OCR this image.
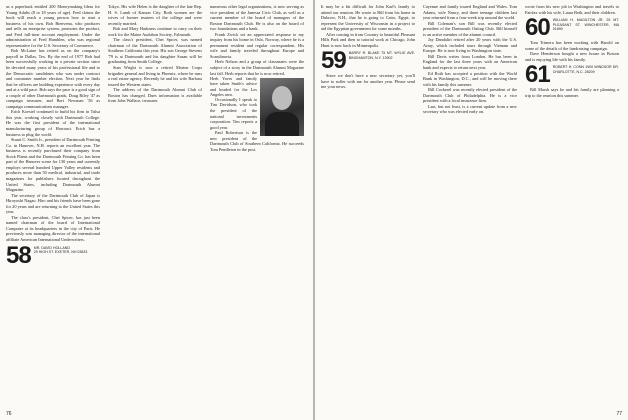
as a paperback entitled 200 Moneymaking Ideas for Young Adults (8 to 18 years of age). Fred claims the book will reach a young person how to start a business of his own. Bob Bienvenu, who produces and sells an enterprise system, promotes the product, and Fred full-time account employment. Under the administration of Fred Hamblen, who was regional representative for the U.S. Secretary of Commerce.

Bob McLaine has retired as on the company's payroll in Dallas, Tex. By the end of 1977 Bob had been successfully working in a private section since he devoted many years of his professional life and to the Democratic candidates who was under contract and commuter number election. Next year he finds that he officers are building experience with every day and at a wild pace. Bob says the pace is a good sign of a couple of other Dartmouth grads, Doug Riley '47 as campaign treasurer, and Bert Newman '56 as campaign communications manager.

Erich Koestel continued to build his firm in Tulsa this year, working closely with Dartmouth College. He was the first president of the international manufacturing group of Harcourt. Erich has a business to plug the world.

Stuart C. Smith Jr., president of Dartmouth Printing Co. in Hanover, N.H. reports an excellent year. The business is recently purchased their company from Stock Plants and the Dartmouth Printing Co. has been part of the Hanover scene for 130 years and currently employs several hundred Upper Valley residents and produces more than 50 medical, industrial, and trade magazines for publishers located throughout the United States, including Dartmouth Alumni Magazine.

The secretary of the Dartmouth Club of Japan is Hiroyoshi Nagao. Hiro and his friends have been gone for 20 years and are returning to the United States this year.

The class's president, Chet Spicer, has just been named chairman of the board of International Computer at its headquarters in the city of Paris. He previously was managing director of the international affiliate American International Underwriters.

58 MR. DAVID HOLLAND
29 HIGH ST. EXETER, NH 03833

Tokyo. His wife Helen is the daughter of the late Rep. H. S. Lamb of Kansas City. Both women are the wives of former trustees of the college and were recently married.

Bob and Mary Harkness continue to carry on their work for the Maine Audubon Society, Falmouth.

The class's president, Chet Spicer, was named chairman of the Dartmouth Alumni Association of Southern California this year. His son George Stevens '79 is at Dartmouth and his daughter Susan will be graduating from Smith College.

Stan Wright is now a retired Marine Corps brigadier general and living in Phoenix, where he runs a real estate agency. Recently he and his wife Barbara toured the Western states.

The address of the Dartmouth Alumni Club of Boston has changed. Dues information is available from John Wallace, treasurer.

numerous other legal organizations, is now serving as vice president of the Janessa Civic Club, as well as a current member of the board of managers of the Boston Dartmouth Club. He is also on the board of two foundations and a bank.

Frank Zwick set an appreciated response to my inquiry from his home in Oslo, Norway, where he is a permanent resident and regular correspondent. His wife and family traveled throughout Europe and Scandinavia.

Herb Nelson and a group of classmates were the subject of a story in the Dartmouth Alumni Magazine last fall. Herb reports that he is now retired.

Herb Yaves and family have taken Smith's advice and headed for the Los Angeles area.

Occasionally I speak to Tim Davidson, who took the president of the national investments corporation. Tim reports a good year.

Paul Robertson is the new president of the Dartmouth Club of Southern California. He succeeds Tom Pendleton in the post.

76

It may be a bit difficult for John Karl's family to attend our reunion. He wrote to Bill from his home in Dubrow, N.H., that he is going to Cairo, Egypt, to represent the University of Wisconsin in a project to aid the Egyptian government for some months.

After coming in from Country to beautiful Pleasant Hills Park and then to tutorial work at Chicago, John Hunt is now back in Minneapolis.

59 BARRY R. BLAKE 75 MT. WYLIE AVE. BINGHAMTON, N.Y. 13902

Since we don't have a new secretary yet, you'll have to suffer with me for another year. Please send me your news.

Cayenne and family toured England and Wales. Tom Adams, wife Nancy, and three teenage children last year returned from a four-week trip around the world.

Bill Coleman's son Bill was recently elected president of the Dartmouth Outing Club. Bill himself is an active member of the alumni council.

Jay Dandaliri retired after 20 years with the U.S. Army, which included tours through Vietnam and Europe. He is now living in Washington state.

Bill Davis writes from London. He has been in England for the last three years with an American bank and expects to return next year.

Ed Roth has accepted a position with the World Bank in Washington, D.C., and will be moving there with his family this summer.

Bill Cockerel was recently elected president of the Dartmouth Club of Philadelphia. He is a vice president with a local insurance firm.

Last, but not least, is a current update from a new secretary who was elected early on.

wrote from his new job in Washington and travels to Fairfax with his wife, Laura Beth, and their children.

60 WILLIAM H. MAGILTON JR. 25 MT. PLEASANT ST. WINCHESTER, MA 01890

Tom Trimera has been working with Harold on some of the details of the fundraising campaign.

Dave Henderson bought a new house in Boston and is enjoying life with his family.

61 ROBERT H. CONN 1900 WINDSOR DR. CHARLOTTE, N.C. 28209

Bill Marsh says he and his family are planning a trip to the reunion this summer.

77
